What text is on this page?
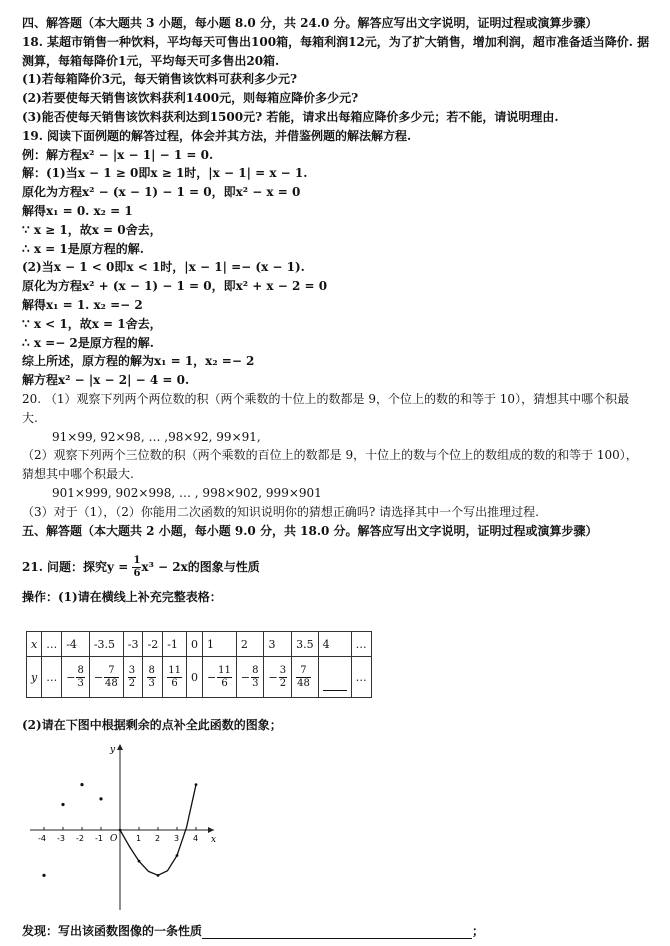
四、解答题（本大题共 3 小题，每小题 8.0 分，共 24.0 分。解答应写出文字说明，证明过程或演算步骤）
18. 某超市销售一种饮料，平均每天可售出100箱，每箱利润12元，为了扩大销售，增加利润，超市准备适当降价. 据
测算，每箱每降价1元，平均每天可多售出20箱.
(1)若每箱降价3元，每天销售该饮料可获利多少元?
(2)若要使每天销售该饮料获利1400元，则每箱应降价多少元?
(3)能否使每天销售该饮料获利达到1500元? 若能，请求出每箱应降价多少元；若不能，请说明理由.
19. 阅读下面例题的解答过程，体会并其方法，并借鉴例题的解法解方程.
例：解方程x² − |x − 1| − 1 = 0.
解：(1)当x − 1 ≥ 0即x ≥ 1时，|x − 1| = x − 1.
原化为方程x² − (x − 1) − 1 = 0，即x² − x = 0
解得x₁ = 0. x₂ = 1
∵ x ≥ 1，故x = 0舍去，
∴ x = 1是原方程的解.
(2)当x − 1 < 0即x < 1时，|x − 1| =− (x − 1).
原化为方程x² + (x − 1) − 1 = 0，即x² + x − 2 = 0
解得x₁ = 1. x₂ =− 2
∵ x < 1，故x = 1舍去，
∴ x =− 2是原方程的解.
综上所述，原方程的解为x₁ = 1，x₂ =− 2
解方程x² − |x − 2| − 4 = 0.
20. （1）观察下列两个两位数的积（两个乘数的十位上的数都是 9，个位上的数的和等于 10），猜想其中哪个积最
大.
91×99, 92×98, … ,98×92, 99×91,
（2）观察下列两个三位数的积（两个乘数的百位上的数都是 9，十位上的数与个位上的数组成的数的和等于 100），
猜想其中哪个积最大.
901×999, 902×998, … , 998×902, 999×901
（3）对于（1），（2）你能用二次函数的知识说明你的猜想正确吗? 请选择其中一个写出推理过程.
五、解答题（本大题共 2 小题，每小题 9.0 分，共 18.0 分。解答应写出文字说明，证明过程或演算步骤）
21. 问题：探究$y = \frac{1}{6} x^3 - 2x$的图象与性质
操作：(1)请在横线上补充完整表格：
x	…	-4	-3.5	-3	-2	-1	0	1	2	3	3.5	4	…
y	…	− $\frac{8}{3}$	− $\frac{7}{48}$	$\frac{3}{2}$	$\frac{8}{3}$	$\frac{11}{6}$	0	− $\frac{11}{6}$	− $\frac{8}{3}$	− $\frac{3}{2}$	$\frac{7}{48}$		…
(2)请在下图中根据剩余的点补全此函数的图象；
x
y
O
-4 -3 -2 -1	1 2 3 4
发现：写出该函数图像的一条性质	；
